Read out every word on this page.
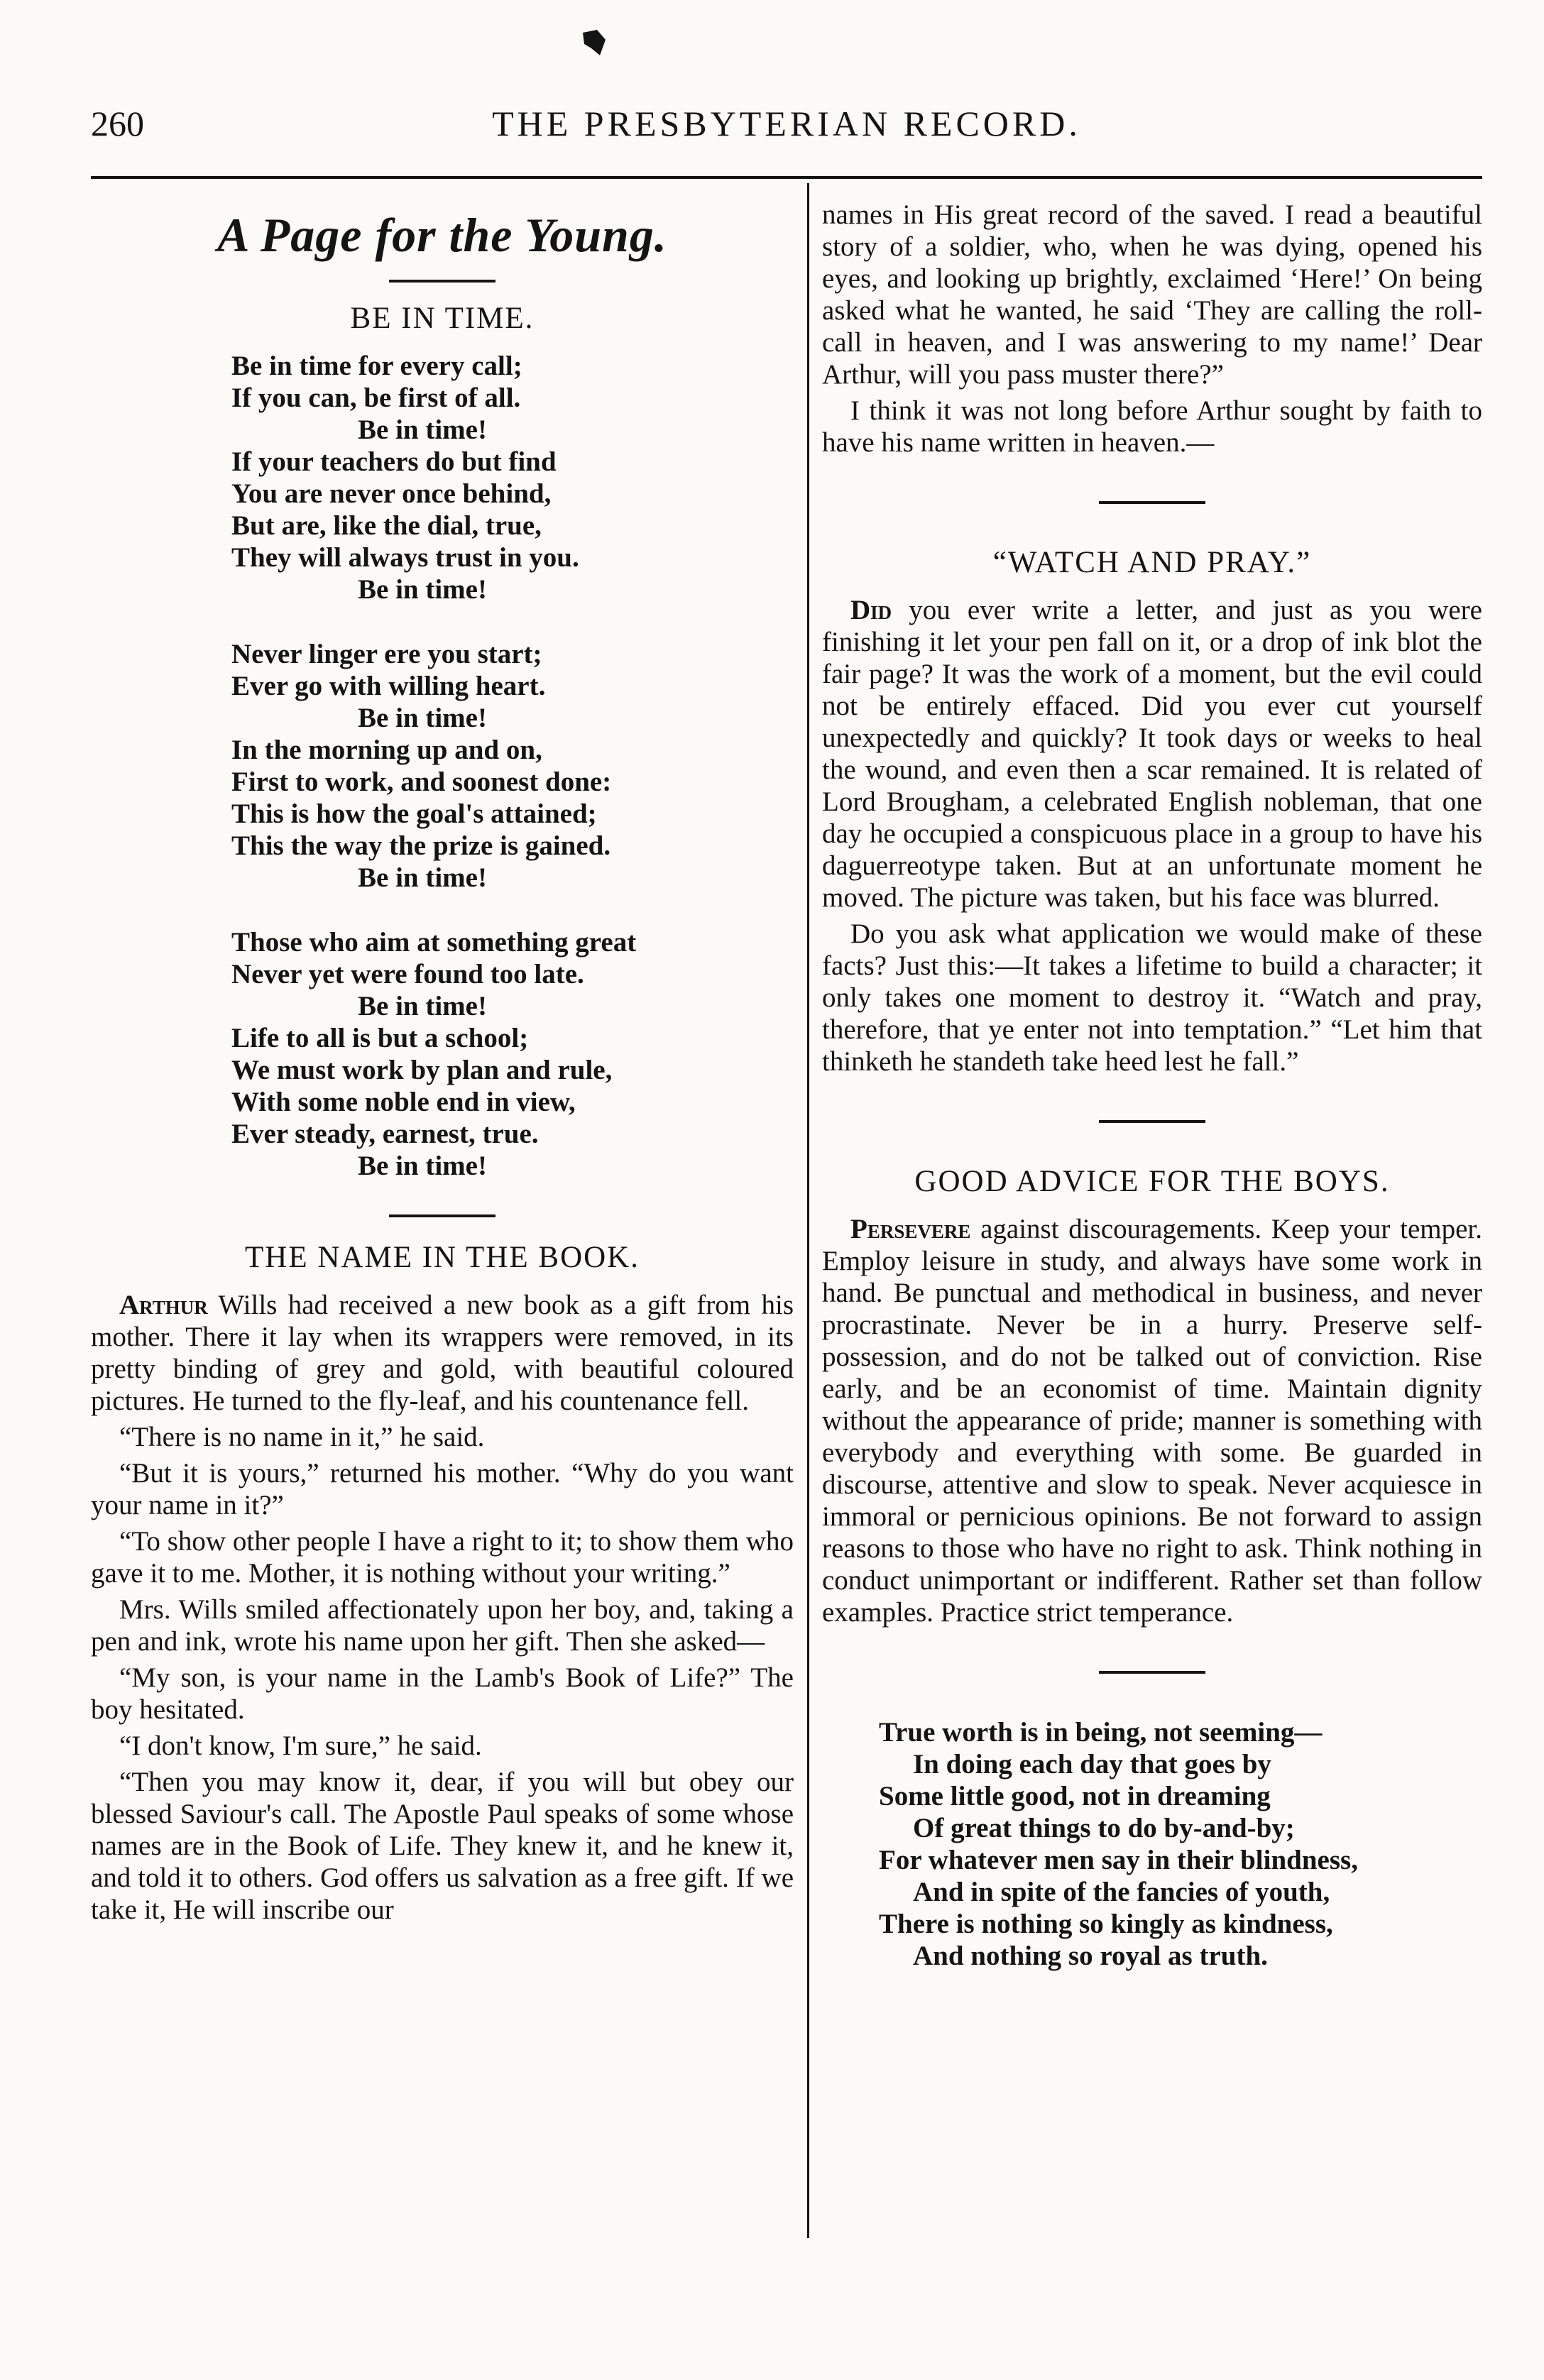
260	THE PRESBYTERIAN RECORD.
A Page for the Young.
BE IN TIME.
Be in time for every call;
If you can, be first of all.
Be in time!
If your teachers do but find
You are never once behind,
But are, like the dial, true,
They will always trust in you.
Be in time!
Never linger ere you start;
Ever go with willing heart.
Be in time!
In the morning up and on,
First to work, and soonest done:
This is how the goal's attained;
This the way the prize is gained.
Be in time!
Those who aim at something great
Never yet were found too late.
Be in time!
Life to all is but a school;
We must work by plan and rule,
With some noble end in view,
Ever steady, earnest, true.
Be in time!
THE NAME IN THE BOOK.

Arthur Wills had received a new book as a gift from his mother. There it lay when its wrappers were removed, in its pretty binding of grey and gold, with beautiful coloured pictures. He turned to the fly-leaf, and his countenance fell.

“There is no name in it,” he said.

“But it is yours,” returned his mother. “Why do you want your name in it?”

“To show other people I have a right to it; to show them who gave it to me. Mother, it is nothing without your writing.”

Mrs. Wills smiled affectionately upon her boy, and, taking a pen and ink, wrote his name upon her gift. Then she asked—

“My son, is your name in the Lamb's Book of Life?” The boy hesitated.

“I don't know, I'm sure,” he said.

“Then you may know it, dear, if you will but obey our blessed Saviour's call. The Apostle Paul speaks of some whose names are in the Book of Life. They knew it, and he knew it, and told it to others. God offers us salvation as a free gift. If we take it, He will inscribe our

names in His great record of the saved. I read a beautiful story of a soldier, who, when he was dying, opened his eyes, and looking up brightly, exclaimed ‘Here!’ On being asked what he wanted, he said ‘They are calling the roll-call in heaven, and I was answering to my name!’ Dear Arthur, will you pass muster there?”

I think it was not long before Arthur sought by faith to have his name written in heaven.—

“WATCH AND PRAY.”

Did you ever write a letter, and just as you were finishing it let your pen fall on it, or a drop of ink blot the fair page? It was the work of a moment, but the evil could not be entirely effaced. Did you ever cut yourself unexpectedly and quickly? It took days or weeks to heal the wound, and even then a scar remained. It is related of Lord Brougham, a celebrated English nobleman, that one day he occupied a conspicuous place in a group to have his daguerreotype taken. But at an unfortunate moment he moved. The picture was taken, but his face was blurred.

Do you ask what application we would make of these facts? Just this:—It takes a lifetime to build a character; it only takes one moment to destroy it. “Watch and pray, therefore, that ye enter not into temptation.” “Let him that thinketh he standeth take heed lest he fall.”

GOOD ADVICE FOR THE BOYS.

Persevere against discouragements. Keep your temper. Employ leisure in study, and always have some work in hand. Be punctual and methodical in business, and never procrastinate. Never be in a hurry. Preserve self-possession, and do not be talked out of conviction. Rise early, and be an economist of time. Maintain dignity without the appearance of pride; manner is something with everybody and everything with some. Be guarded in discourse, attentive and slow to speak. Never acquiesce in immoral or pernicious opinions. Be not forward to assign reasons to those who have no right to ask. Think nothing in conduct unimportant or indifferent. Rather set than follow examples. Practice strict temperance.

True worth is in being, not seeming—
In doing each day that goes by
Some little good, not in dreaming
Of great things to do by-and-by;
For whatever men say in their blindness,
And in spite of the fancies of youth,
There is nothing so kingly as kindness,
And nothing so royal as truth.
